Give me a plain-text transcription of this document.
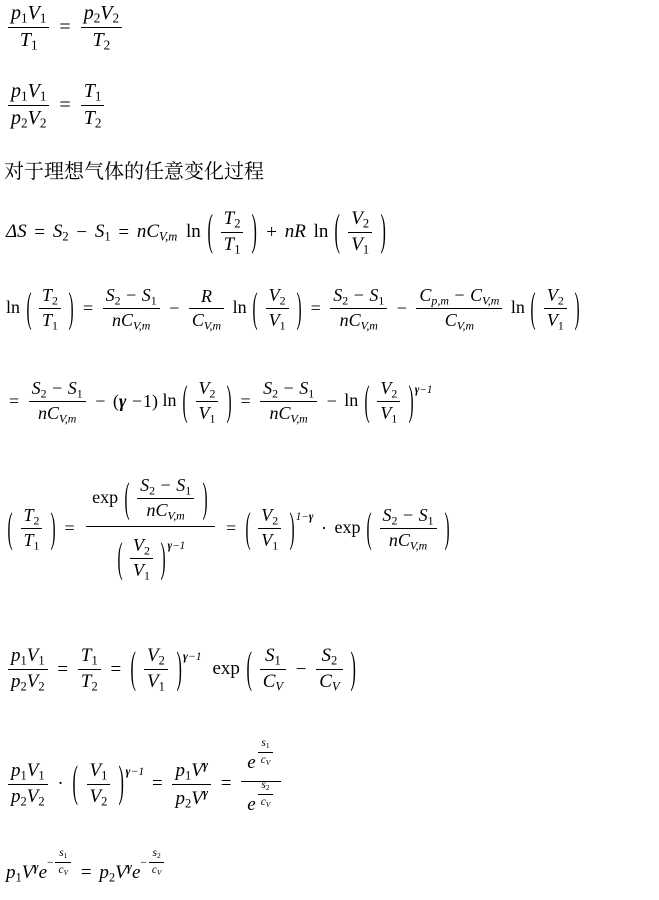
$\frac{p1V1}{T1} = \frac{p2V2}{T2}$
$\frac{p1V1}{p2V2} = \frac{T1}{T2}$
对于理想气体的任意变化过程
$\Delta S = S2 - S1 = nC_{V,m}$ ln ( $\frac{T2}{T1}$ ) + nR ln ( $\frac{V2}{V1}$ )
ln ( $\frac{T2}{T1}$ ) = $\frac{S2 - S1}{nC_{V,m}} - \frac{R}{C_{V,m}}$ ln ( $\frac{V2}{V1}$ ) = $\frac{S2 - S1}{nC_{V,m}} - \frac{C_{p,m} - C_{V,m}}{C_{V,m}}$ ln ( $\frac{V2}{V1}$ )
= $\frac{S2 - S1}{nC_{V,m}} - (\gamma -1)$ ln ( $\frac{V2}{V1}$ ) = $\frac{S2 - S1}{nC_{V,m}} - \ln$ ( $\frac{V2}{V1} )\gamma-1$
( $\frac{T2}{T1}$ ) =
exp ( $\frac{S2 - S1}{nC_{V,m}}$ )
( $\frac{V2}{V1} )\gamma-1$
= ( $\frac{V2}{V1} )1-\gamma \cdot \exp$ ( $\frac{S2 - S1}{nC_{V,m}}$ )
$\frac{p1V1}{p2V2} = \frac{T1}{T2}$ = ( $\frac{V2}{V1} )\gamma-1$ exp ( $\frac{S1}{C_V} - \frac{S2}{C_V}$ )
$\frac{p1V1}{p2V2}$ · ( $\frac{V1}{V2} )\gamma-1 = \frac{p1V^\gamma}{p2V^\gamma} = \frac{e \frac{s1}{c_V}}{e \frac{s2}{c_V}}$
$p1V^\gamma e- \frac{s1}{c_V} = p2V^\gamma e- \frac{s2}{c_V}$
